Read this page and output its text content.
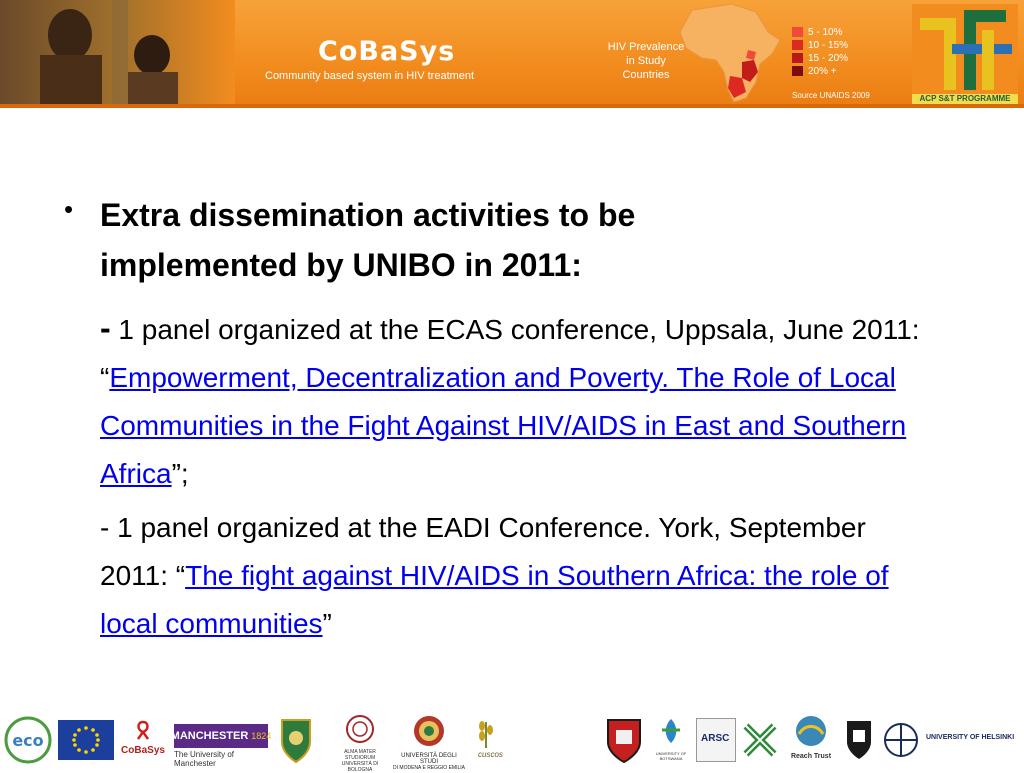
CoBaSys
Community based system in HIV treatment
HIV Prevalence in Study Countries
5 - 10%
10 - 15%
15 - 20%
20% +
Source UNAIDS 2009	ACP S&T PROGRAMME
• Extra dissemination activities to be implemented by UNIBO in 2011:

- 1 panel organized at the ECAS conference, Uppsala, June 2011: “Empowerment, Decentralization and Poverty. The Role of Local Communities in the Fight Against HIV/AIDS in East and Southern Africa”;

- 1 panel organized at the EADI Conference. York, September 2011: “The fight against HIV/AIDS in Southern Africa: the role of local communities”

eco
CoBaSys
MANCHESTER 1824
The University of Manchester
ALMA MATER STUDIORUM
UNIVERSITÀ DI BOLOGNA
UNIVERSITÀ DEGLI STUDI
DI MODENA E REGGIO EMILIA
cuscos	UNIVERSITY OF BOTSWANA
ARSC
Reach Trust
UNIVERSITY OF HELSINKI
